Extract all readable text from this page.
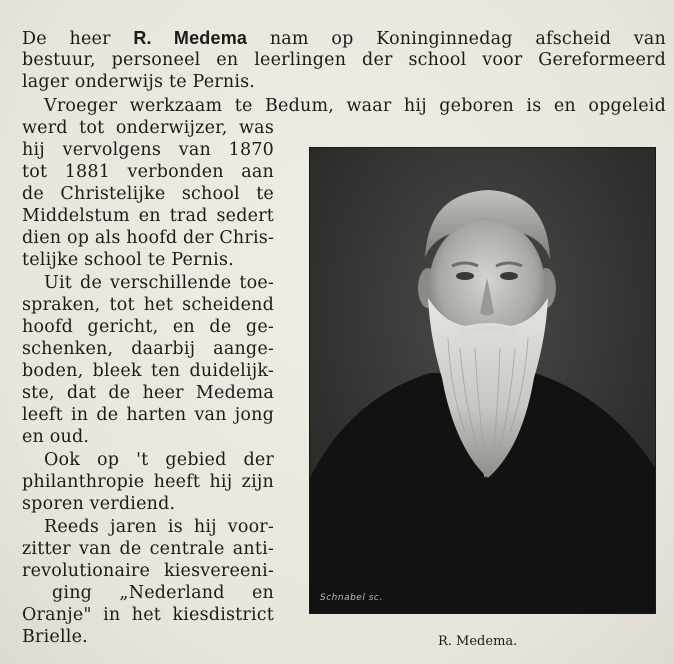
De heer R. Medema nam op Koninginnedag afscheid van
bestuur, personeel en leerlingen der school voor Gereformeerd
lager onderwijs te Pernis.
Vroeger werkzaam te Bedum, waar hij geboren is en opgeleid
werd tot onderwijzer, was
hij vervolgens van 1870
tot 1881 verbonden aan
de Christelijke school te
Middelstum en trad sedert
dien op als hoofd der Chris-
telijke school te Pernis.
Uit de verschillende toe-
spraken, tot het scheidend
hoofd gericht, en de ge-
schenken, daarbij aange-
boden, bleek ten duidelijk-
ste, dat de heer Medema
leeft in de harten van jong
en oud.
Ook op 't gebied der
philanthropie heeft hij zijn
sporen verdiend.
Reeds jaren is hij voor-
zitter van de centrale anti-
revolutionaire kiesvereeni-
ging „Nederland en
Oranje" in het kiesdistrict
Brielle.
Schnabel sc.
R. Medema.
